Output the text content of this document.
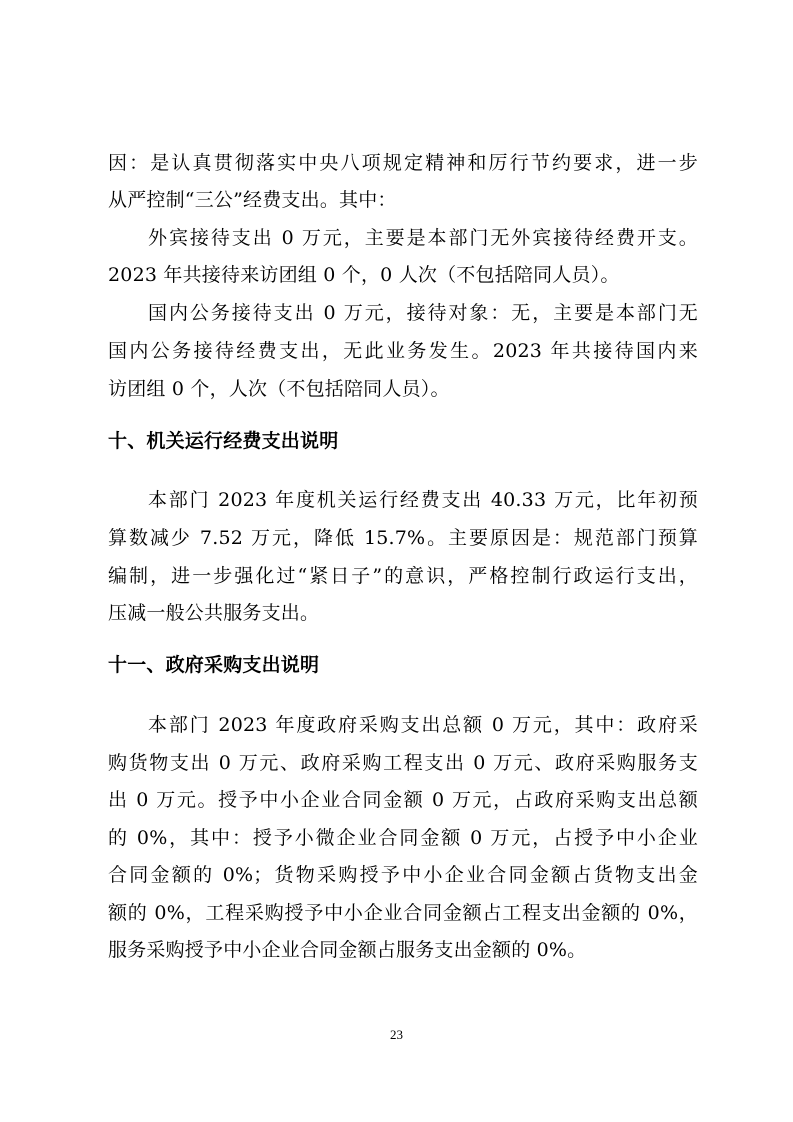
因：是认真贯彻落实中央八项规定精神和厉行节约要求，进一步
从严控制“三公”经费支出。其中：
外宾接待支出 0 万元，主要是本部门无外宾接待经费开支。
2023 年共接待来访团组 0 个，0 人次（不包括陪同人员）。
国内公务接待支出 0 万元，接待对象：无，主要是本部门无
国内公务接待经费支出，无此业务发生。2023 年共接待国内来
访团组 0 个，人次（不包括陪同人员）。
十、机关运行经费支出说明
本部门 2023 年度机关运行经费支出 40.33 万元，比年初预
算数减少 7.52 万元，降低 15.7%。主要原因是：规范部门预算
编制，进一步强化过“紧日子”的意识，严格控制行政运行支出，
压减一般公共服务支出。
十一、政府采购支出说明
本部门 2023 年度政府采购支出总额 0 万元，其中：政府采
购货物支出 0 万元、政府采购工程支出 0 万元、政府采购服务支
出 0 万元。授予中小企业合同金额 0 万元，占政府采购支出总额
的 0%，其中：授予小微企业合同金额 0 万元，占授予中小企业
合同金额的 0%；货物采购授予中小企业合同金额占货物支出金
额的 0%，工程采购授予中小企业合同金额占工程支出金额的 0%，
服务采购授予中小企业合同金额占服务支出金额的 0%。
23
